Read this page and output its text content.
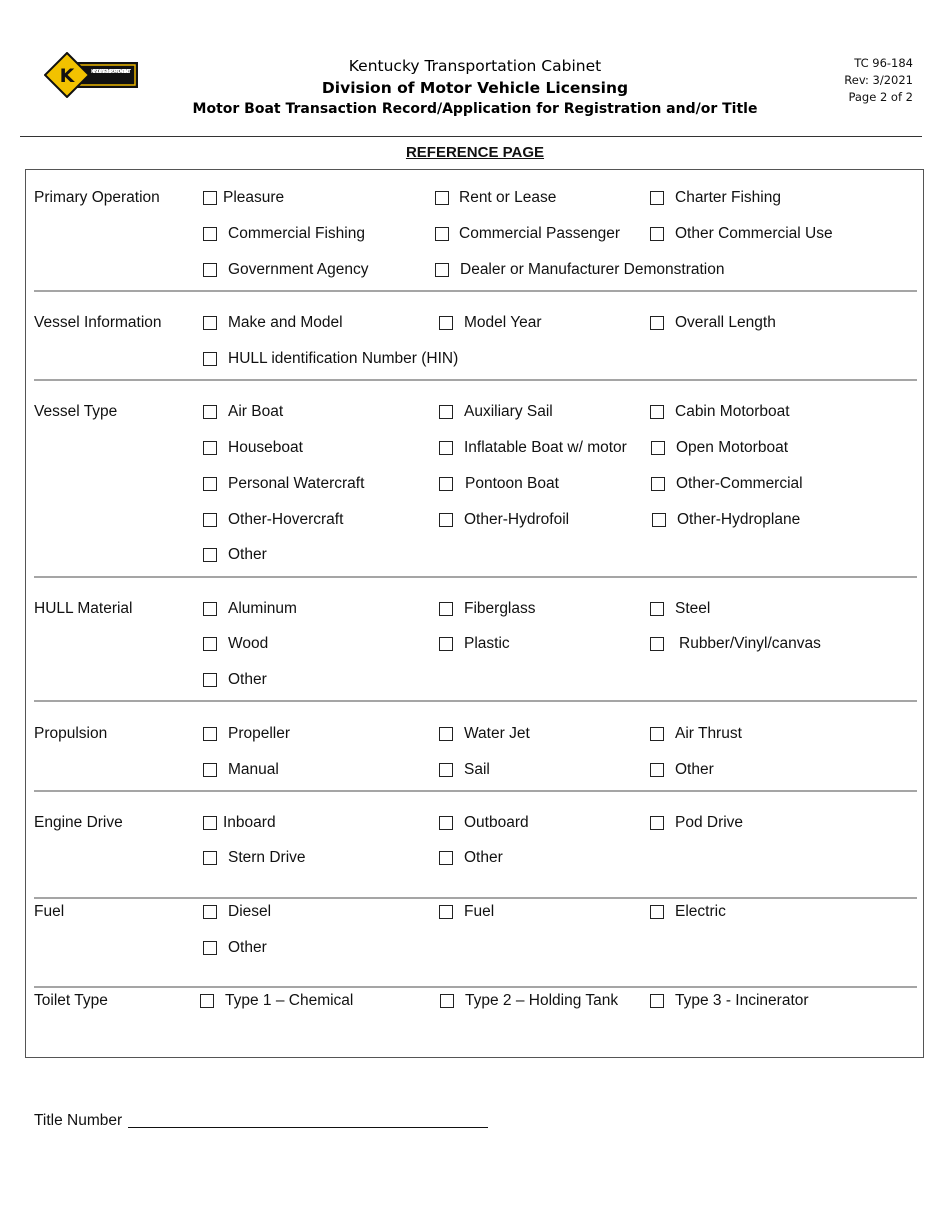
K	KENTUCKY TRANSPORTATION CABINET	Kentucky Transportation Cabinet
Division of Motor Vehicle Licensing
Motor Boat Transaction Record/Application for Registration and/or Title
TC 96-184
Rev: 3/2021
Page 2 of 2
REFERENCE PAGE
Primary Operation	Pleasure	Rent or Lease	Charter Fishing
Commercial Fishing	Commercial Passenger	Other Commercial Use
Government Agency	Dealer or Manufacturer Demonstration
Vessel Information	Make and Model	Model Year	Overall Length
HULL identification Number (HIN)
Vessel Type	Air Boat	Auxiliary Sail	Cabin Motorboat
Houseboat	Inflatable Boat w/ motor	Open Motorboat
Personal Watercraft	Pontoon Boat	Other-Commercial
Other-Hovercraft	Other-Hydrofoil	Other-Hydroplane
Other
HULL Material	Aluminum	Fiberglass	Steel
Wood	Plastic	Rubber/Vinyl/canvas
Other
Propulsion	Propeller	Water Jet	Air Thrust
Manual	Sail	Other
Engine Drive	Inboard	Outboard	Pod Drive
Stern Drive	Other
Fuel	Diesel	Fuel	Electric
Other
Toilet Type	Type 1 – Chemical	Type 2 – Holding Tank	Type 3 - Incinerator
Title Number
